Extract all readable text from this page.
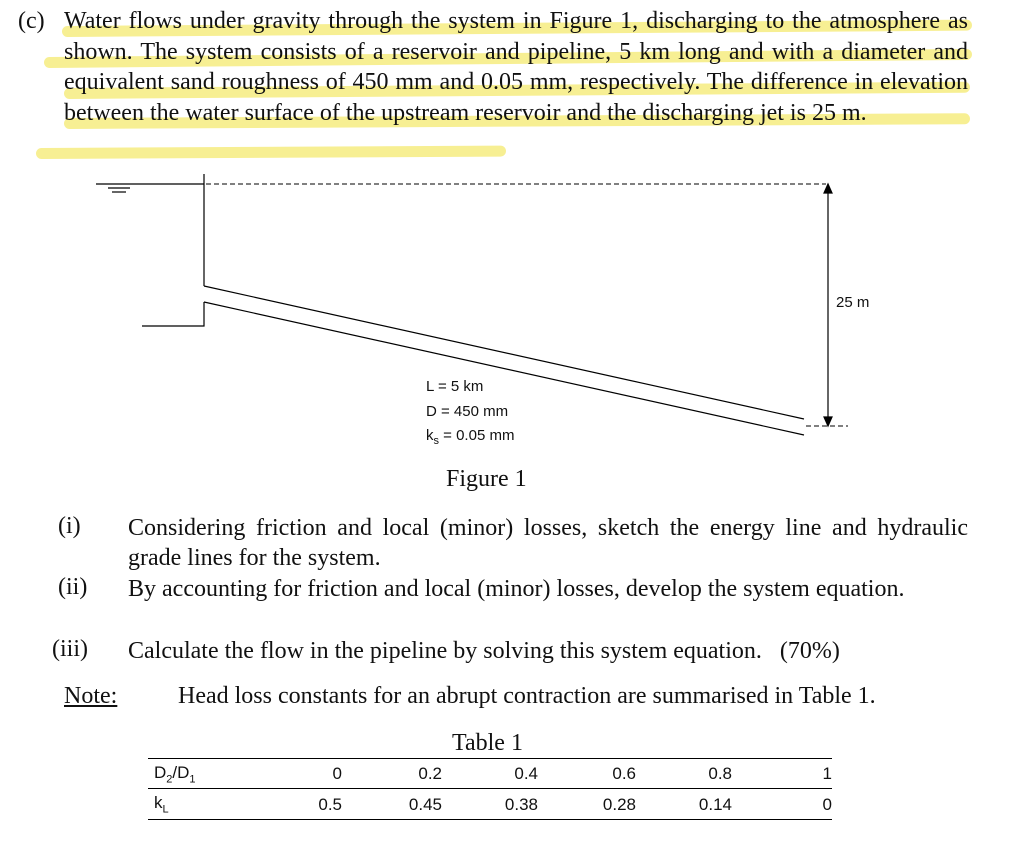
(c) Water flows under gravity through the system in Figure 1, discharging to the atmosphere as shown. The system consists of a reservoir and pipeline, 5 km long and with a diameter and equivalent sand roughness of 450 mm and 0.05 mm, respectively. The difference in elevation between the water surface of the upstream reservoir and the discharging jet is 25 m.
25 m
L = 5 km
D = 450 mm
$k_s = 0.05$ mm
Figure 1
(i) Considering friction and local (minor) losses, sketch the energy line and hydraulic grade lines for the system.
(ii) By accounting for friction and local (minor) losses, develop the system equation.
(iii) Calculate the flow in the pipeline by solving this system equation.   (70%)
Note:	Head loss constants for an abrupt contraction are summarised in Table 1.
Table 1
$D_2/D_1$	0	0.2	0.4	0.6	0.8	1
$k_L$	0.5	0.45	0.38	0.28	0.14	0
